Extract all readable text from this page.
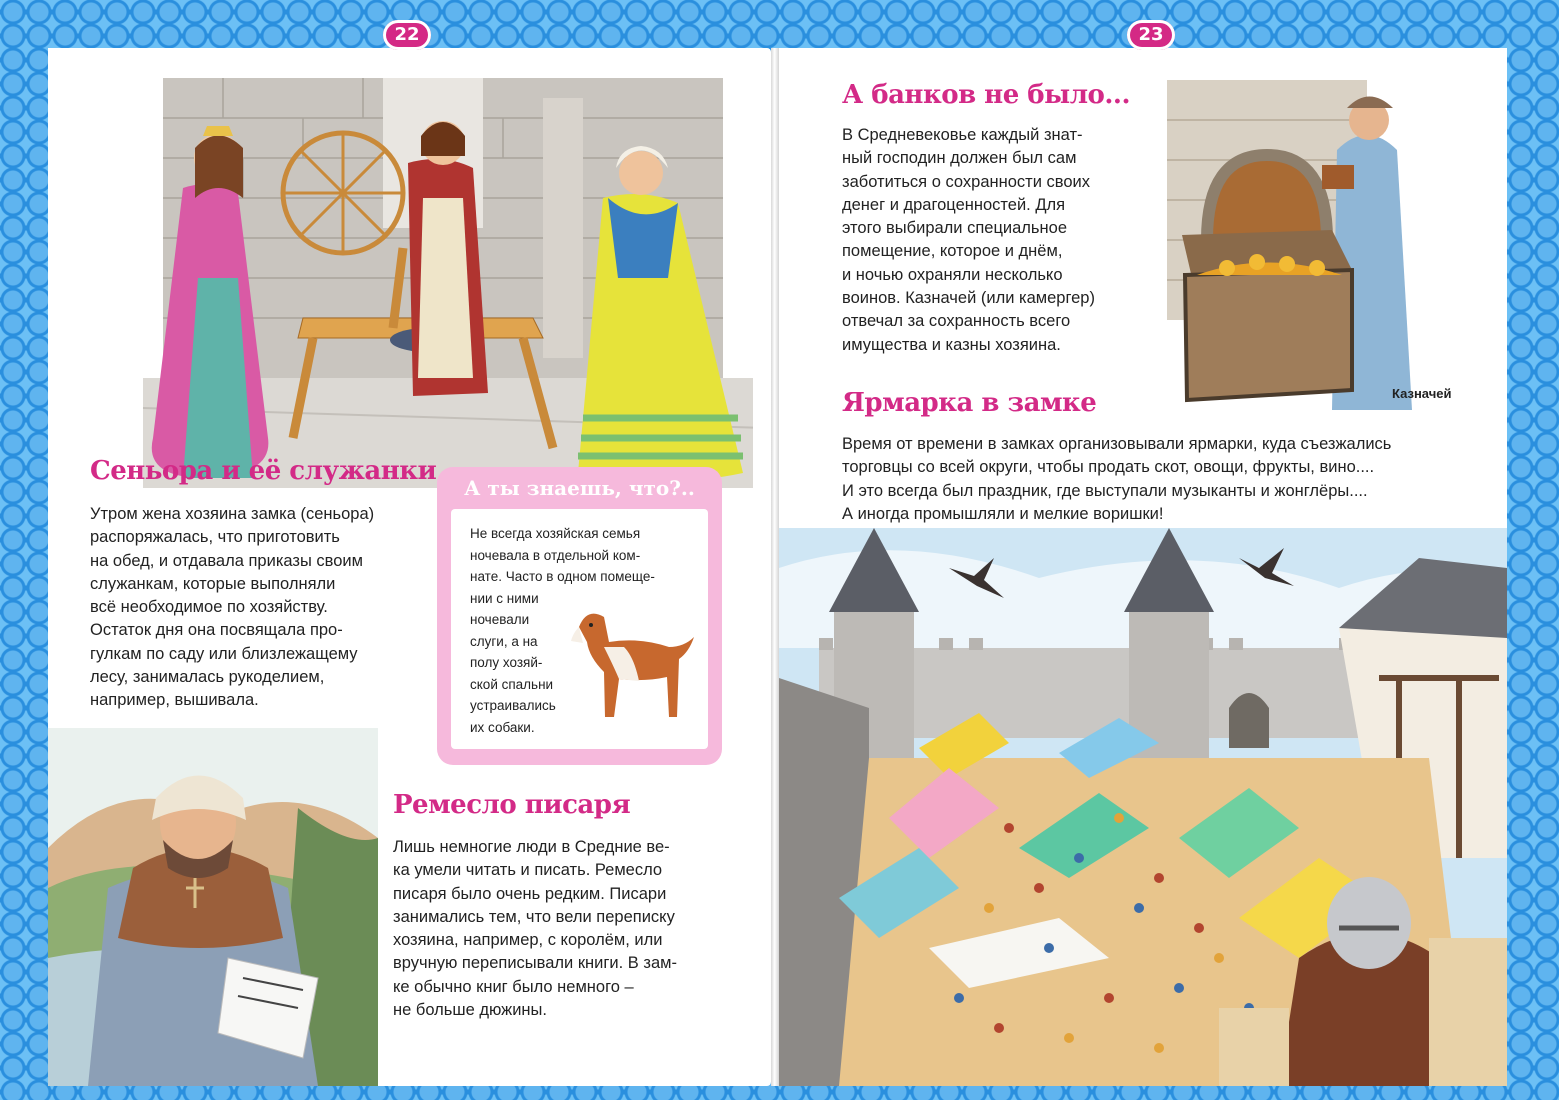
22
Сеньора и её служанки

Утром жена хозяина замка (сеньора)
распоряжалась, что приготовить
на обед, и отдавала приказы своим
служанкам, которые выполняли
всё необходимое по хозяйству.
Остаток дня она посвящала про-
гулкам по саду или близлежащему
лесу, занималась рукоделием,
например, вышивала.

А ты знаешь, что?..

Не всегда хозяйская семья
ночевала в отдельной ком-
нате. Часто в одном помеще-
нии с ними

ночевали
слуги, а на
полу хозяй-
ской спальни
устраивались
их собаки.

Ремесло писаря

Лишь немногие люди в Средние ве-
ка умели читать и писать. Ремесло
писаря было очень редким. Писари
занимались тем, что вели переписку
хозяина, например, с королём, или
вручную переписывали книги. В зам-
ке обычно книг было немного –
не больше дюжины.

23
А банков не было...

В Средневековье каждый знат-
ный господин должен был сам
заботиться о сохранности своих
денег и драгоценностей. Для
этого выбирали специальное
помещение, которое и днём,
и ночью охраняли несколько
воинов. Казначей (или камергер)
отвечал за сохранность всего
имущества и казны хозяина.

Казначей
Ярмарка в замке

Время от времени в замках организовывали ярмарки, куда съезжались
торговцы со всей округи, чтобы продать скот, овощи, фрукты, вино....
И это всегда был праздник, где выступали музыканты и жонглёры....
А иногда промышляли и мелкие воришки!
